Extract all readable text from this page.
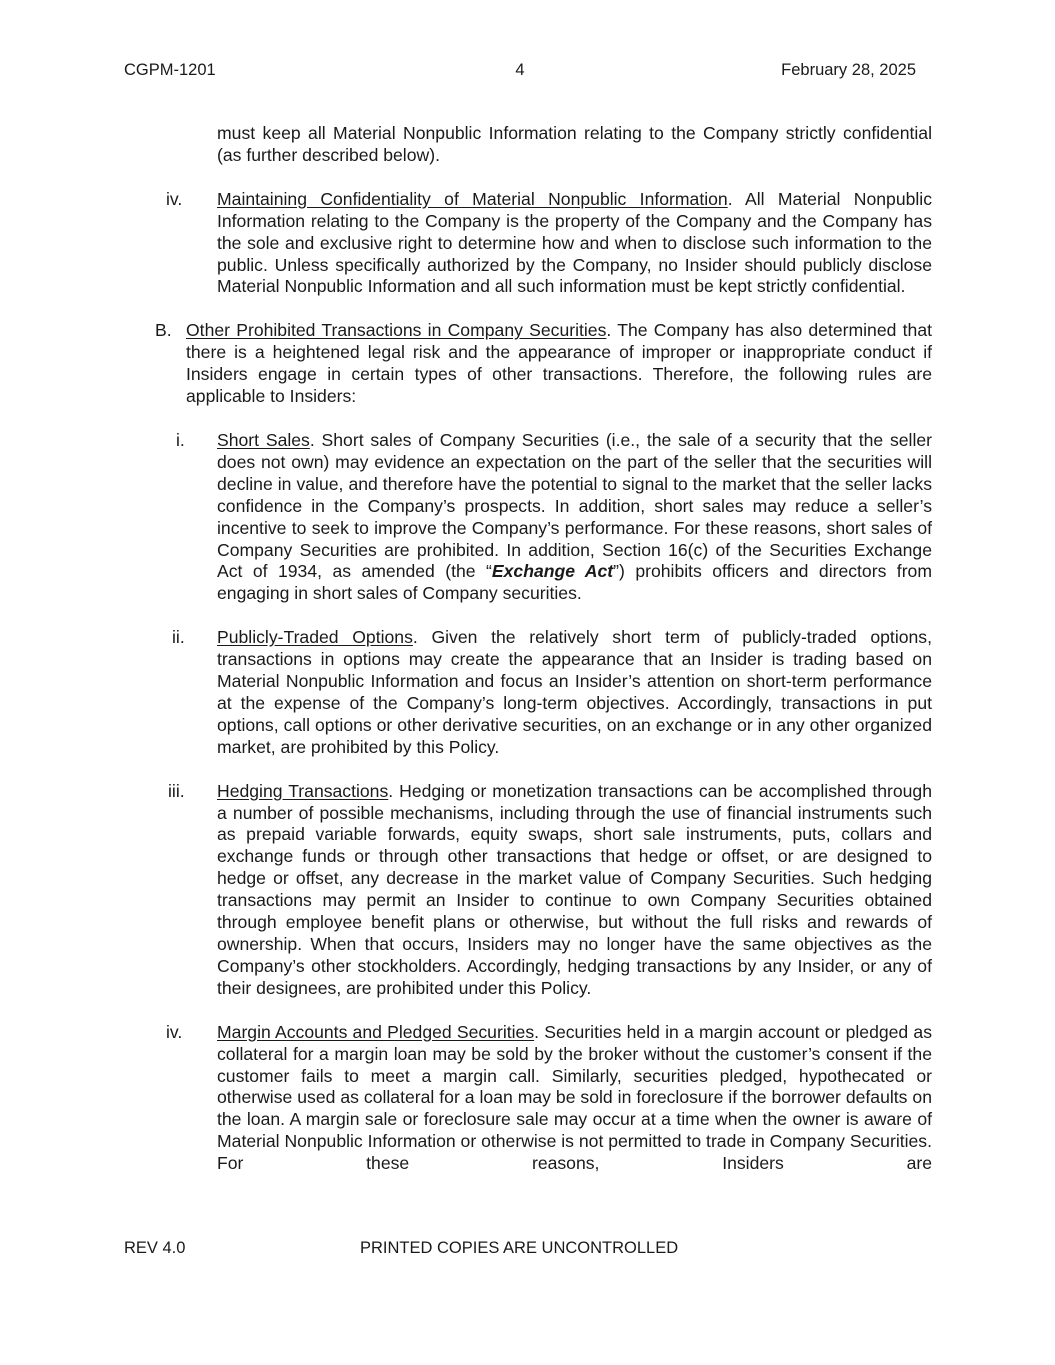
CGPM-1201	4	February 28, 2025

must keep all Material Nonpublic Information relating to the Company strictly confidential (as further described below).

iv.	Maintaining Confidentiality of Material Nonpublic Information. All Material Nonpublic Information relating to the Company is the property of the Company and the Company has the sole and exclusive right to determine how and when to disclose such information to the public. Unless specifically authorized by the Company, no Insider should publicly disclose Material Nonpublic Information and all such information must be kept strictly confidential.

B. Other Prohibited Transactions in Company Securities. The Company has also determined that there is a heightened legal risk and the appearance of improper or inappropriate conduct if Insiders engage in certain types of other transactions. Therefore, the following rules are applicable to Insiders:

i.	Short Sales. Short sales of Company Securities (i.e., the sale of a security that the seller does not own) may evidence an expectation on the part of the seller that the securities will decline in value, and therefore have the potential to signal to the market that the seller lacks confidence in the Company’s prospects. In addition, short sales may reduce a seller’s incentive to seek to improve the Company’s performance. For these reasons, short sales of Company Securities are prohibited. In addition, Section 16(c) of the Securities Exchange Act of 1934, as amended (the “Exchange Act”) prohibits officers and directors from engaging in short sales of Company securities.

ii.	Publicly-Traded Options. Given the relatively short term of publicly-traded options, transactions in options may create the appearance that an Insider is trading based on Material Nonpublic Information and focus an Insider’s attention on short-term performance at the expense of the Company’s long-term objectives. Accordingly, transactions in put options, call options or other derivative securities, on an exchange or in any other organized market, are prohibited by this Policy.

iii.	Hedging Transactions. Hedging or monetization transactions can be accomplished through a number of possible mechanisms, including through the use of financial instruments such as prepaid variable forwards, equity swaps, short sale instruments, puts, collars and exchange funds or through other transactions that hedge or offset, or are designed to hedge or offset, any decrease in the market value of Company Securities. Such hedging transactions may permit an Insider to continue to own Company Securities obtained through employee benefit plans or otherwise, but without the full risks and rewards of ownership. When that occurs, Insiders may no longer have the same objectives as the Company’s other stockholders. Accordingly, hedging transactions by any Insider, or any of their designees, are prohibited under this Policy.

iv.	Margin Accounts and Pledged Securities. Securities held in a margin account or pledged as collateral for a margin loan may be sold by the broker without the customer’s consent if the customer fails to meet a margin call. Similarly, securities pledged, hypothecated or otherwise used as collateral for a loan may be sold in foreclosure if the borrower defaults on the loan. A margin sale or foreclosure sale may occur at a time when the owner is aware of Material Nonpublic Information or otherwise is not permitted to trade in Company Securities. For these reasons, Insiders are

REV 4.0	PRINTED COPIES ARE UNCONTROLLED
